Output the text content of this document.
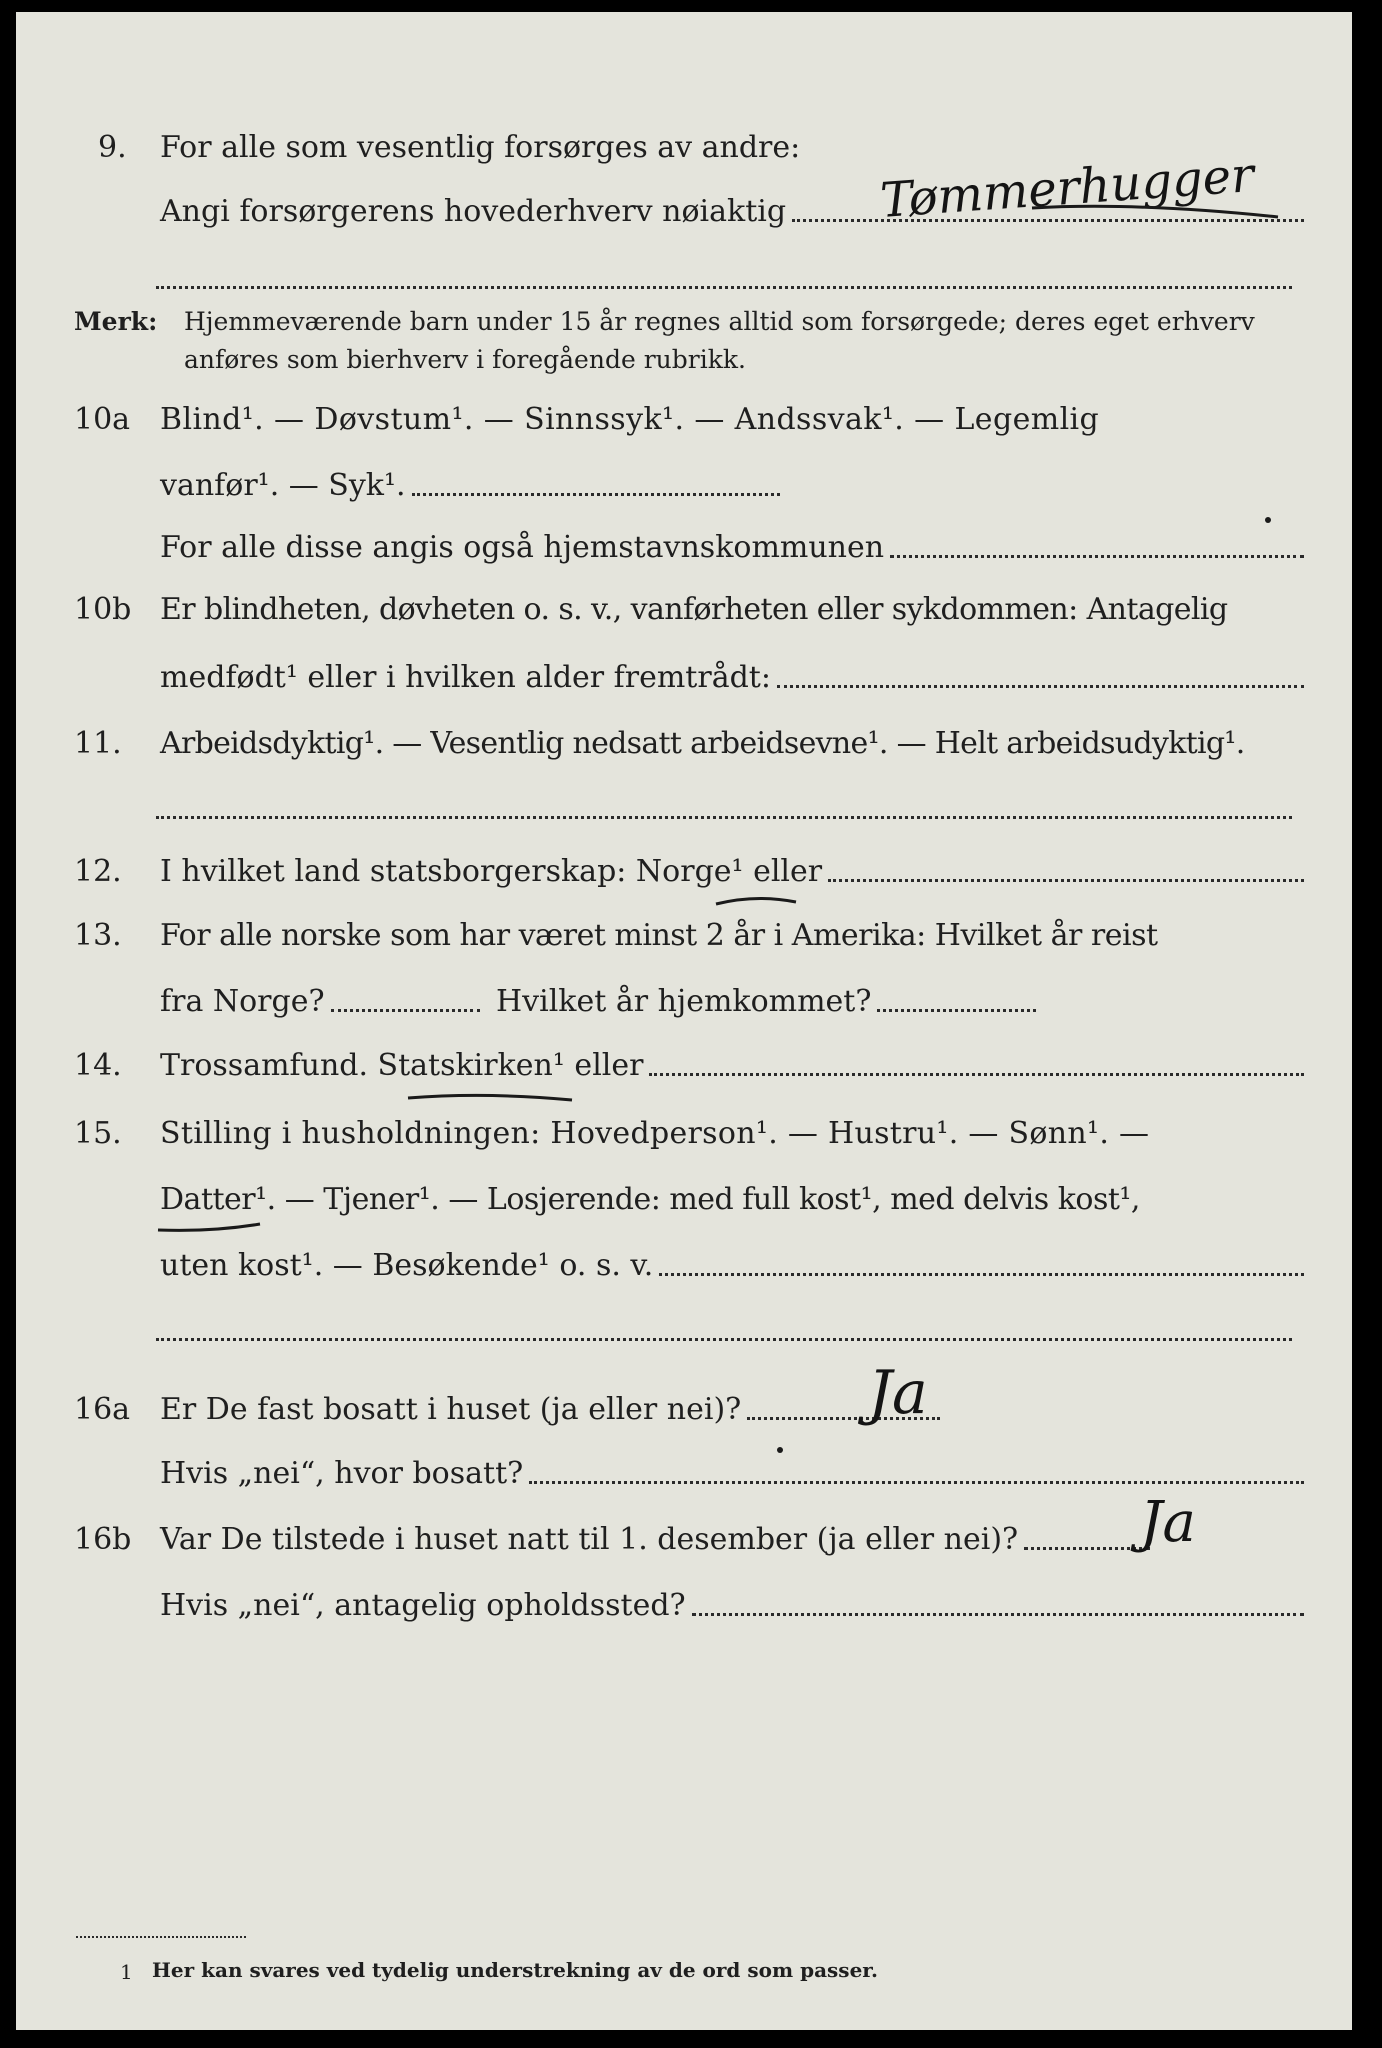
9. For alle som vesentlig forsørges av andre:
Angi forsørgerens hovederhverv nøiaktig Tømmerhugger
Merk: Hjemmeværende barn under 15 år regnes alltid som forsørgede; deres eget erhverv
anføres som bierhverv i foregående rubrikk.
10a Blind¹. — Døvstum¹. — Sinnssyk¹. — Andssvak¹. — Legemlig
vanfør¹. — Syk¹.
For alle disse angis også hjemstavnskommunen
10b Er blindheten, døvheten o. s. v., vanførheten eller sykdommen: Antagelig
medfødt¹ eller i hvilken alder fremtrådt:
11. Arbeidsdyktig¹. — Vesentlig nedsatt arbeidsevne¹. — Helt arbeidsudyktig¹.
12. I hvilket land statsborgerskap: Norge¹ eller
13. For alle norske som har været minst 2 år i Amerika: Hvilket år reist
fra Norge?	Hvilket år hjemkommet?
14. Trossamfund. Statskirken¹ eller
15. Stilling i husholdningen: Hovedperson¹. — Hustru¹. — Sønn¹. —
Datter¹. — Tjener¹. — Losjerende: med full kost¹, med delvis kost¹,
uten kost¹. — Besøkende¹ o. s. v.
16a Er De fast bosatt i huset (ja eller nei)? Ja
Hvis „nei“, hvor bosatt?
16b Var De tilstede i huset natt til 1. desember (ja eller nei)? Ja
Hvis „nei“, antagelig opholdssted?
1 Her kan svares ved tydelig understrekning av de ord som passer.
